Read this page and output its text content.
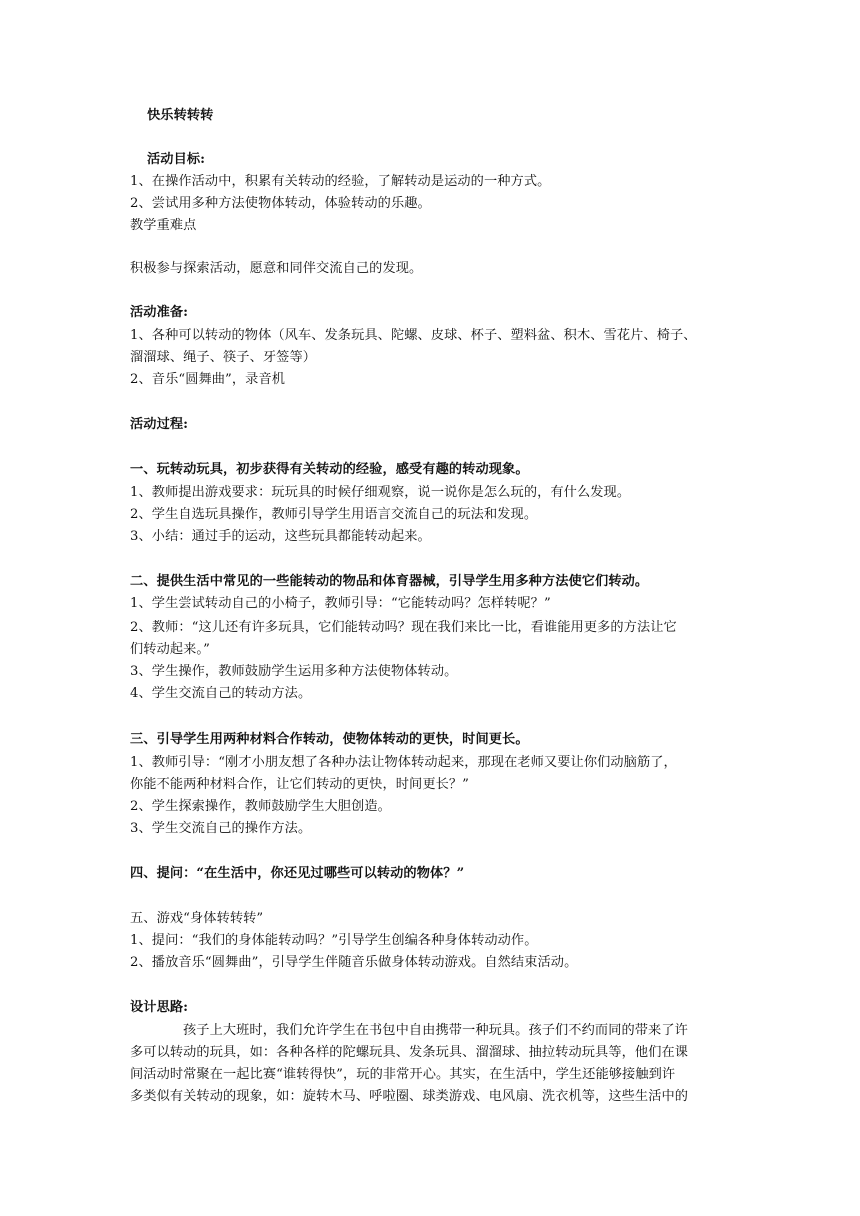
快乐转转转
活动目标:
1、在操作活动中，积累有关转动的经验，了解转动是运动的一种方式。
2、尝试用多种方法使物体转动，体验转动的乐趣。
教学重难点
积极参与探索活动，愿意和同伴交流自己的发现。
活动准备:
1、各种可以转动的物体（风车、发条玩具、陀螺、皮球、杯子、塑料盆、积木、雪花片、椅子、
溜溜球、绳子、筷子、牙签等）
2、音乐“圆舞曲”，录音机
活动过程:
一、玩转动玩具，初步获得有关转动的经验，感受有趣的转动现象。
1、教师提出游戏要求：玩玩具的时候仔细观察，说一说你是怎么玩的，有什么发现。
2、学生自选玩具操作，教师引导学生用语言交流自己的玩法和发现。
3、小结：通过手的运动，这些玩具都能转动起来。
二、提供生活中常见的一些能转动的物品和体育器械，引导学生用多种方法使它们转动。
1、学生尝试转动自己的小椅子，教师引导：“它能转动吗？怎样转呢？”
2、教师：“这儿还有许多玩具，它们能转动吗？现在我们来比一比，看谁能用更多的方法让它
们转动起来。”
3、学生操作，教师鼓励学生运用多种方法使物体转动。
4、学生交流自己的转动方法。
三、引导学生用两种材料合作转动，使物体转动的更快，时间更长。
1、教师引导：“刚才小朋友想了各种办法让物体转动起来，那现在老师又要让你们动脑筋了，
你能不能两种材料合作，让它们转动的更快，时间更长？”
2、学生探索操作，教师鼓励学生大胆创造。
3、学生交流自己的操作方法。
四、提问：“在生活中，你还见过哪些可以转动的物体？”
五、游戏“身体转转转”
1、提问：“我们的身体能转动吗？”引导学生创编各种身体转动动作。
2、播放音乐“圆舞曲”，引导学生伴随音乐做身体转动游戏。自然结束活动。
设计思路:
孩子上大班时，我们允许学生在书包中自由携带一种玩具。孩子们不约而同的带来了许
多可以转动的玩具，如：各种各样的陀螺玩具、发条玩具、溜溜球、抽拉转动玩具等，他们在课
间活动时常聚在一起比赛“谁转得快”，玩的非常开心。其实，在生活中，学生还能够接触到许
多类似有关转动的现象，如：旋转木马、呼啦圈、球类游戏、电风扇、洗衣机等，这些生活中的
